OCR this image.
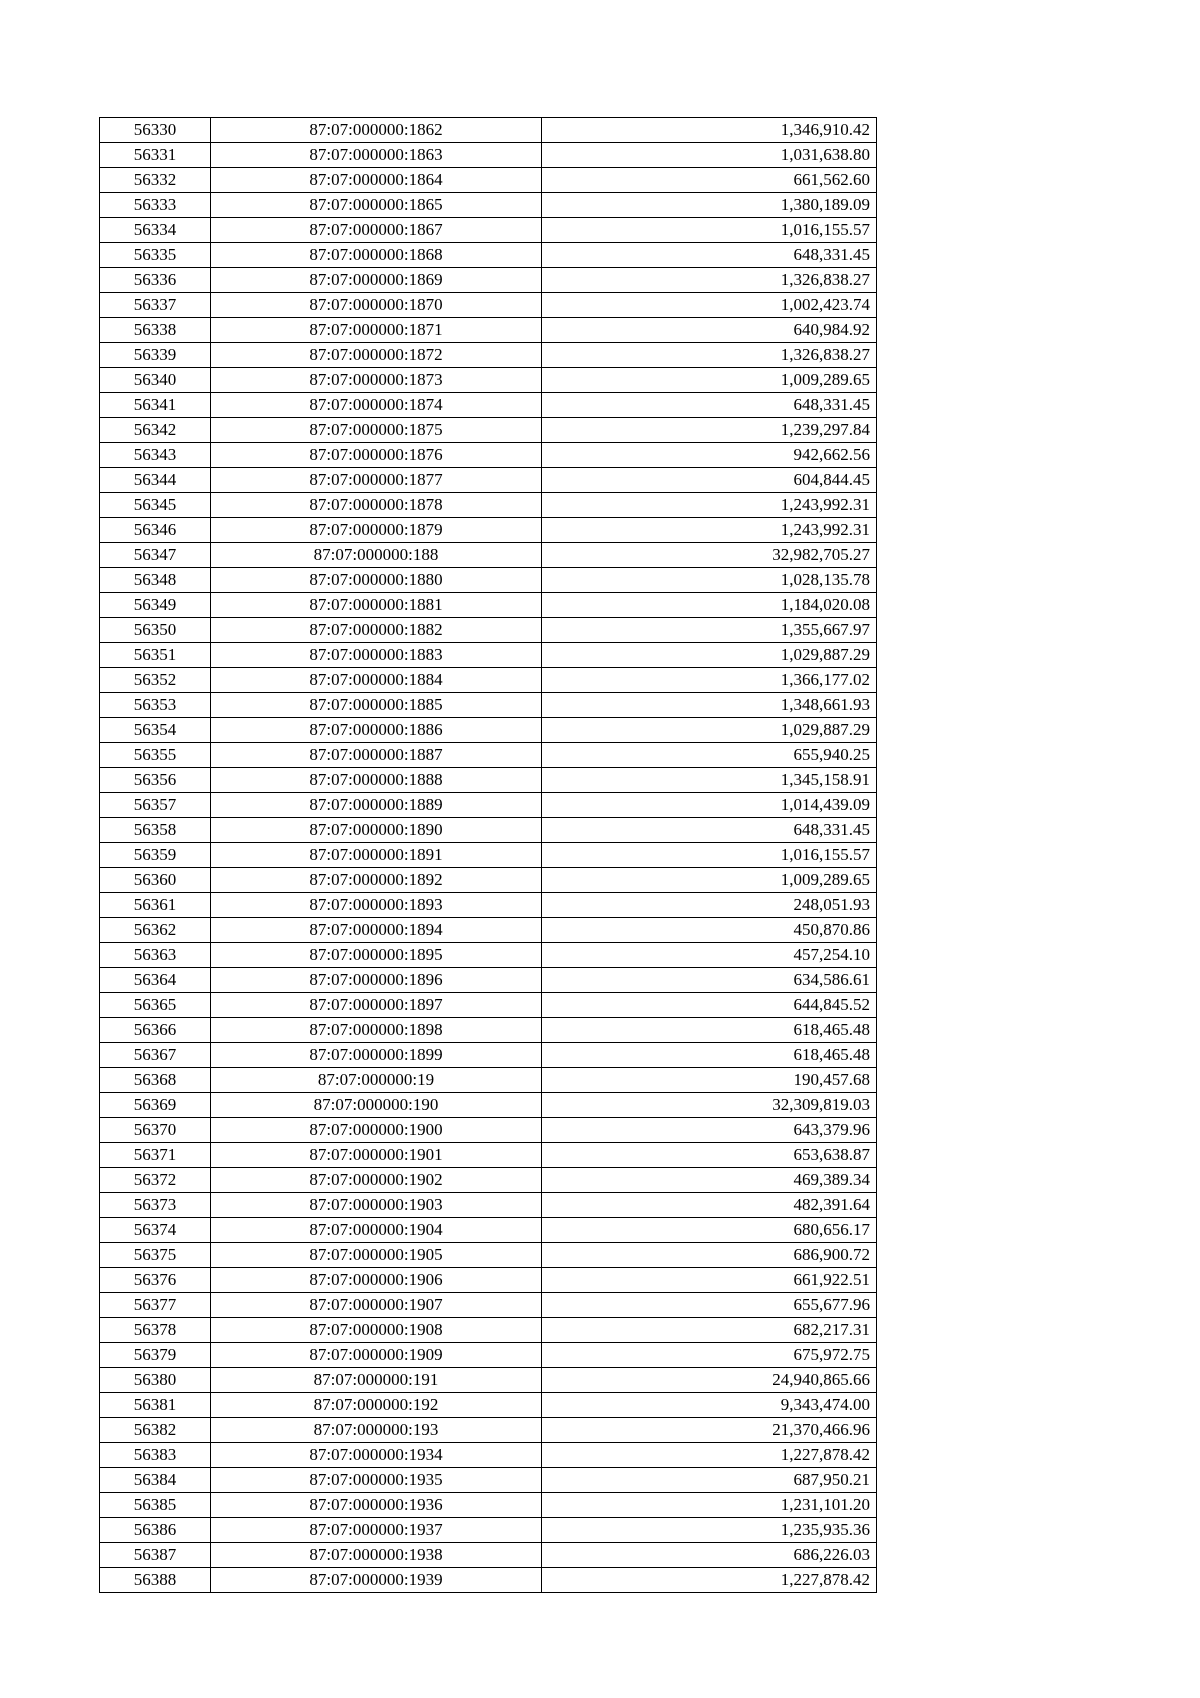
56330	87:07:000000:1862	1,346,910.42
56331	87:07:000000:1863	1,031,638.80
56332	87:07:000000:1864	661,562.60
56333	87:07:000000:1865	1,380,189.09
56334	87:07:000000:1867	1,016,155.57
56335	87:07:000000:1868	648,331.45
56336	87:07:000000:1869	1,326,838.27
56337	87:07:000000:1870	1,002,423.74
56338	87:07:000000:1871	640,984.92
56339	87:07:000000:1872	1,326,838.27
56340	87:07:000000:1873	1,009,289.65
56341	87:07:000000:1874	648,331.45
56342	87:07:000000:1875	1,239,297.84
56343	87:07:000000:1876	942,662.56
56344	87:07:000000:1877	604,844.45
56345	87:07:000000:1878	1,243,992.31
56346	87:07:000000:1879	1,243,992.31
56347	87:07:000000:188	32,982,705.27
56348	87:07:000000:1880	1,028,135.78
56349	87:07:000000:1881	1,184,020.08
56350	87:07:000000:1882	1,355,667.97
56351	87:07:000000:1883	1,029,887.29
56352	87:07:000000:1884	1,366,177.02
56353	87:07:000000:1885	1,348,661.93
56354	87:07:000000:1886	1,029,887.29
56355	87:07:000000:1887	655,940.25
56356	87:07:000000:1888	1,345,158.91
56357	87:07:000000:1889	1,014,439.09
56358	87:07:000000:1890	648,331.45
56359	87:07:000000:1891	1,016,155.57
56360	87:07:000000:1892	1,009,289.65
56361	87:07:000000:1893	248,051.93
56362	87:07:000000:1894	450,870.86
56363	87:07:000000:1895	457,254.10
56364	87:07:000000:1896	634,586.61
56365	87:07:000000:1897	644,845.52
56366	87:07:000000:1898	618,465.48
56367	87:07:000000:1899	618,465.48
56368	87:07:000000:19	190,457.68
56369	87:07:000000:190	32,309,819.03
56370	87:07:000000:1900	643,379.96
56371	87:07:000000:1901	653,638.87
56372	87:07:000000:1902	469,389.34
56373	87:07:000000:1903	482,391.64
56374	87:07:000000:1904	680,656.17
56375	87:07:000000:1905	686,900.72
56376	87:07:000000:1906	661,922.51
56377	87:07:000000:1907	655,677.96
56378	87:07:000000:1908	682,217.31
56379	87:07:000000:1909	675,972.75
56380	87:07:000000:191	24,940,865.66
56381	87:07:000000:192	9,343,474.00
56382	87:07:000000:193	21,370,466.96
56383	87:07:000000:1934	1,227,878.42
56384	87:07:000000:1935	687,950.21
56385	87:07:000000:1936	1,231,101.20
56386	87:07:000000:1937	1,235,935.36
56387	87:07:000000:1938	686,226.03
56388	87:07:000000:1939	1,227,878.42
